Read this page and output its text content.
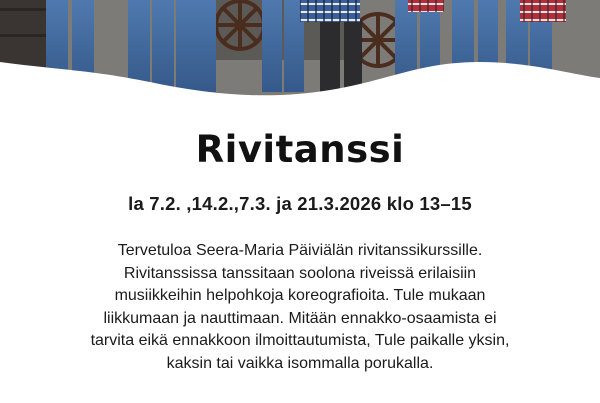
Rivitanssi
la 7.2. ,14.2.,7.3. ja 21.3.2026 klo 13–15

Tervetuloa Seera-Maria Päiviälän rivitanssikurssille. Rivitanssissa tanssitaan soolona riveissä erilaisiin musiikkeihin helpohkoja koreografioita. Tule mukaan liikkumaan ja nauttimaan. Mitään ennakko-osaamista ei tarvita eikä ennakkoon ilmoittautumista, Tule paikalle yksin, kaksin tai vaikka isommalla porukalla.
